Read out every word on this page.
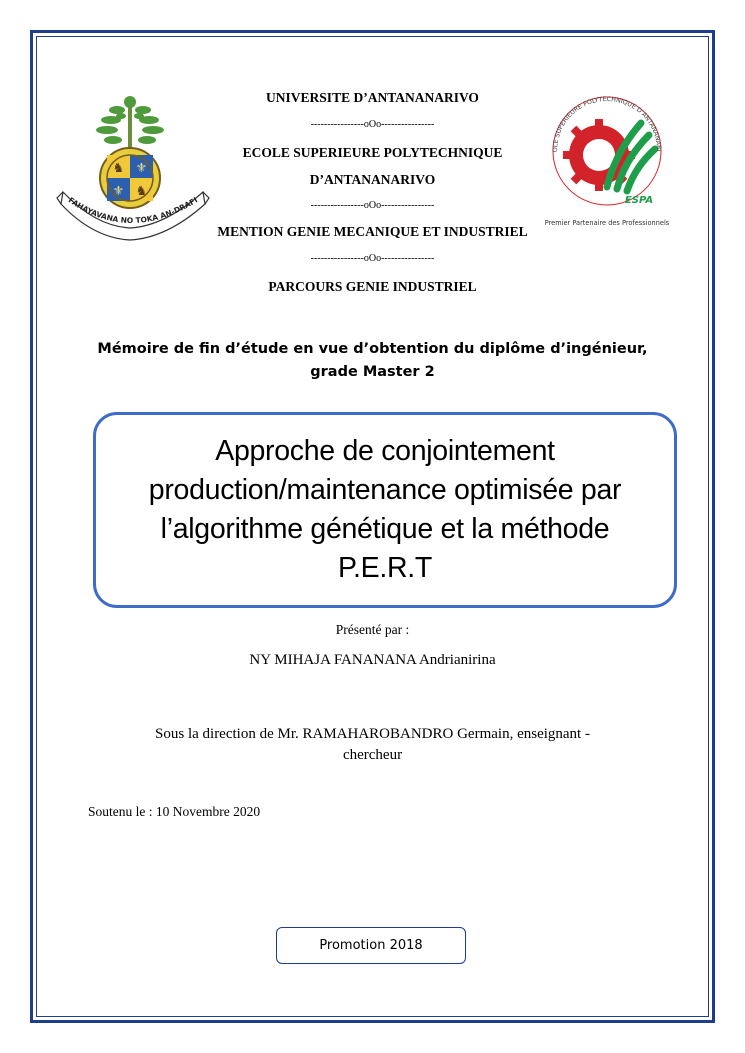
♞ ⚜
⚜ ♞
FAHAYAVANA NO TOKA AN-DRAFI
OLE SUPERIEURE POLYTECHNIQUE D’ANTANANARI
ESPA
Premier Partenaire des Professionnels
UNIVERSITE D’ANTANANARIVO
----------------oOo----------------
ECOLE SUPERIEURE POLYTECHNIQUE
D’ANTANANARIVO
----------------oOo----------------
MENTION GENIE MECANIQUE ET INDUSTRIEL
----------------oOo----------------
PARCOURS GENIE INDUSTRIEL
Mémoire de fin d’étude en vue d’obtention du diplôme d’ingénieur,
grade Master 2
Approche de conjointement
production/maintenance optimisée par
l’algorithme génétique et la méthode
P.E.R.T
Présenté par :
NY MIHAJA FANANANA Andrianirina
Sous la direction de Mr. RAMAHAROBANDRO Germain, enseignant -
chercheur
Soutenu le : 10 Novembre 2020
Promotion 2018
